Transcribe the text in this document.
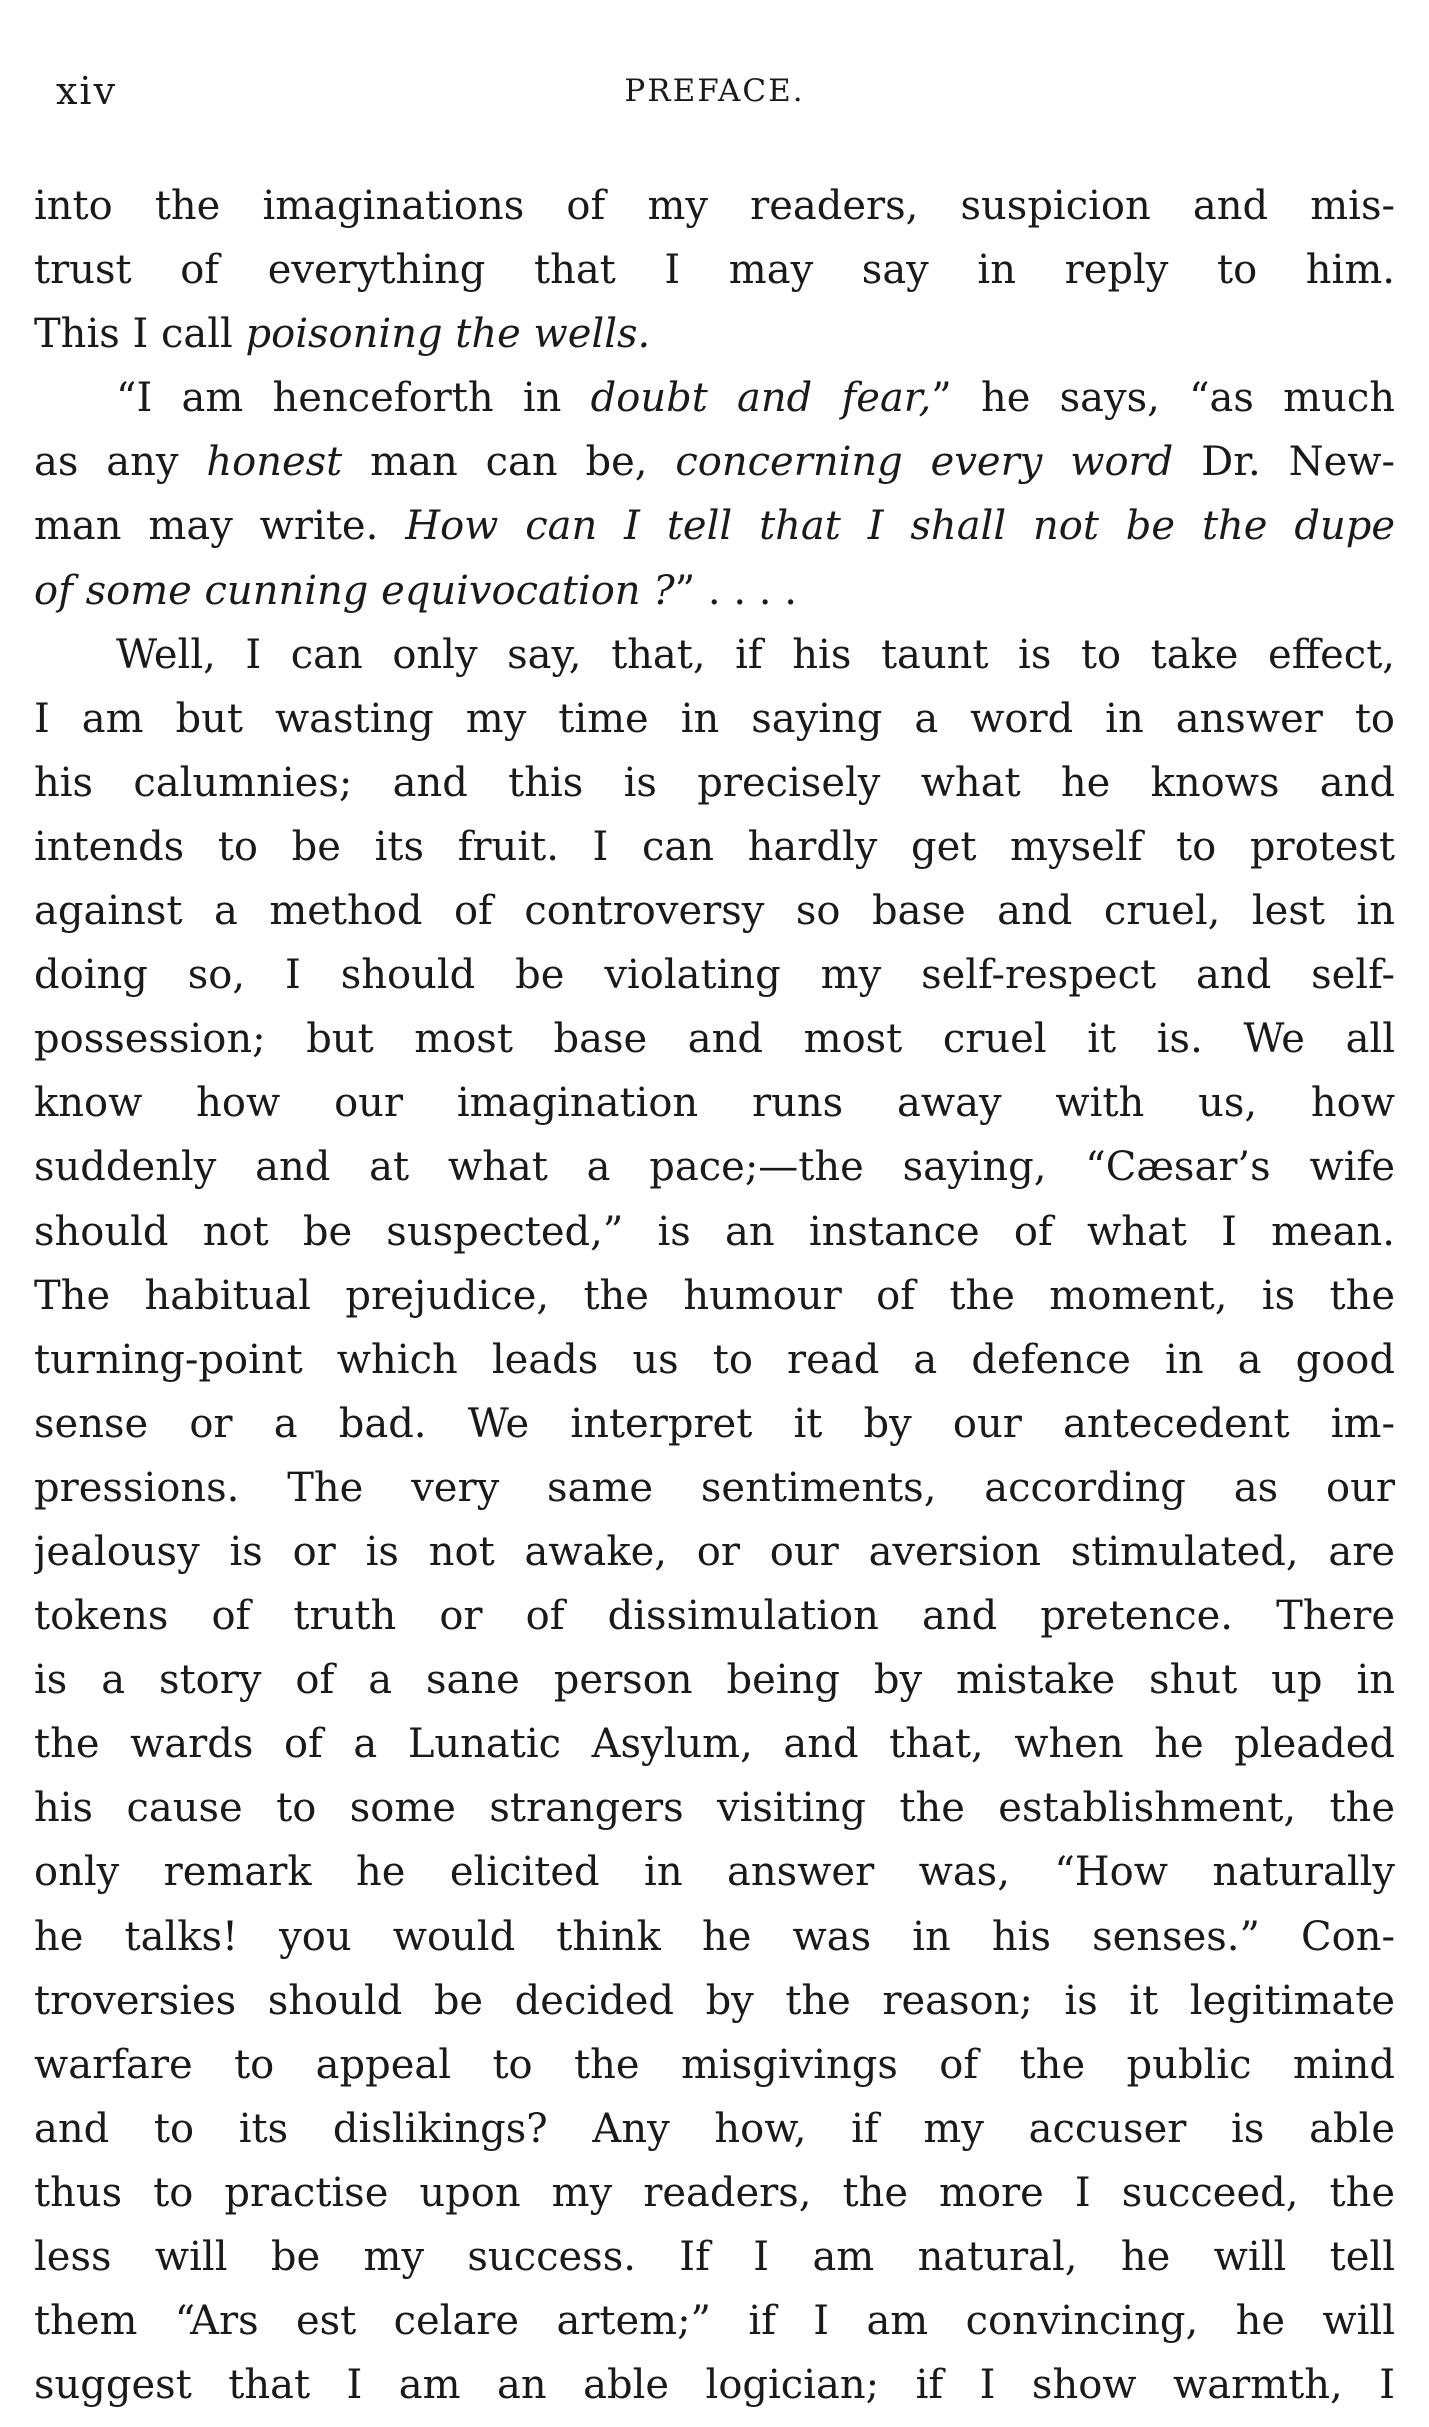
xiv	PREFACE.
into the imaginations of my readers, suspicion and mis-
trust of everything that I may say in reply to him.
This I call poisoning the wells.
“I am henceforth in doubt and fear,” he says, “as much
as any honest man can be, concerning every word Dr. New-
man may write. How can I tell that I shall not be the dupe
of some cunning equivocation ?” . . . .
Well, I can only say, that, if his taunt is to take effect,
I am but wasting my time in saying a word in answer to
his calumnies; and this is precisely what he knows and
intends to be its fruit. I can hardly get myself to protest
against a method of controversy so base and cruel, lest in
doing so, I should be violating my self-respect and self-
possession; but most base and most cruel it is. We all
know how our imagination runs away with us, how
suddenly and at what a pace;—the saying, “Cæsar’s wife
should not be suspected,” is an instance of what I mean.
The habitual prejudice, the humour of the moment, is the
turning-point which leads us to read a defence in a good
sense or a bad. We interpret it by our antecedent im-
pressions. The very same sentiments, according as our
jealousy is or is not awake, or our aversion stimulated, are
tokens of truth or of dissimulation and pretence. There
is a story of a sane person being by mistake shut up in
the wards of a Lunatic Asylum, and that, when he pleaded
his cause to some strangers visiting the establishment, the
only remark he elicited in answer was, “How naturally
he talks! you would think he was in his senses.” Con-
troversies should be decided by the reason; is it legitimate
warfare to appeal to the misgivings of the public mind
and to its dislikings? Any how, if my accuser is able
thus to practise upon my readers, the more I succeed, the
less will be my success. If I am natural, he will tell
them “Ars est celare artem;” if I am convincing, he will
suggest that I am an able logician; if I show warmth, I
